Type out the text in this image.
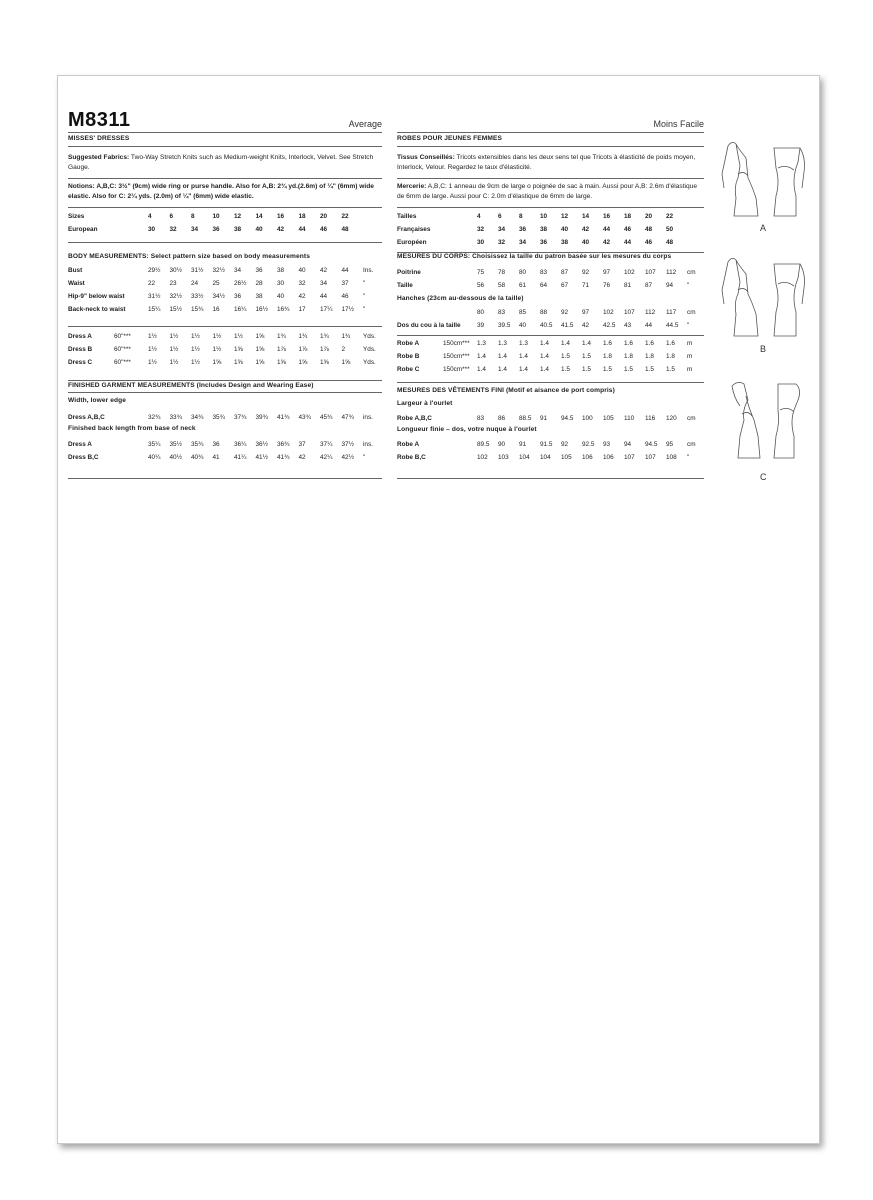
M8311	Average
MISSES' DRESSES
Suggested Fabrics: Two-Way Stretch Knits such as Medium-weight Knits, Interlock, Velvet. See Stretch Gauge.
Notions: A,B,C: 3½" (9cm) wide ring or purse handle. Also for A,B: 2¾ yd.(2.6m) of ¼" (6mm) wide elastic. Also for C: 2¼ yds. (2.0m) of ¼" (6mm) wide elastic.
Sizes	4	6	8	10	12	14	16	18	20	22
European	30	32	34	36	38	40	42	44	46	48
BODY MEASUREMENTS: Select pattern size based on body measurements
Bust	29½	30½	31½	32½	34	36	38	40	42	44	Ins.
Waist	22	23	24	25	26½	28	30	32	34	37	"
Hip-9" below waist	31½	32½	33½	34½	36	38	40	42	44	46	"
Back-neck to waist	15¼	15½	15¾	16	16¼	16½	16¾	17	17¼	17½	"
Dress A	60"***	1½	1½	1½	1½	1½	1⅝	1¾	1¾	1¾	1¾	Yds.
Dress B	60"***	1½	1½	1½	1½	1⅝	1⅝	1⅞	1⅞	1⅞	2	Yds.
Dress C	60"***	1½	1½	1½	1⅝	1⅝	1⅝	1⅝	1⅝	1⅝	1⅝	Yds.
FINISHED GARMENT MEASUREMENTS (Includes Design and Wearing Ease)
Width, lower edge
Dress A,B,C	32¾	33¾	34¾	35¾	37¾	39¾	41¾	43¾	45¾	47¾	ins.
Finished back length from base of neck
Dress A	35¼	35½	35¾	36	36¼	36½	36¾	37	37¼	37½	ins.
Dress B,C	40¼	40½	40¾	41	41¼	41½	41¾	42	42¼	42½	"
Moins Facile
ROBES POUR JEUNES FEMMES
Tissus Conseillés: Tricots extensibles dans les deux sens tel que Tricots à élasticité de poids moyen, Interlock, Velour. Regardez le taux d'élasticité.
Mercerie: A,B,C: 1 anneau de 9cm de large o poignée de sac à main. Aussi pour A,B: 2.6m d'élastique de 6mm de large. Aussi pour C: 2.0m d'élastique de 6mm de large.
Tailles	4	6	8	10	12	14	16	18	20	22
Françaises	32	34	36	38	40	42	44	46	48	50
Européen	30	32	34	36	38	40	42	44	46	48
MESURES DU CORPS: Choisissez la taille du patron basée sur les mesures du corps
Poitrine	75	78	80	83	87	92	97	102	107	112	cm
Taille	56	58	61	64	67	71	76	81	87	94	"
Hanches (23cm au-dessous de la taille)
	80	83	85	88	92	97	102	107	112	117	cm
Dos du cou à la taille	39	39.5	40	40.5	41.5	42	42.5	43	44	44.5	"
Robe A	150cm***	1.3	1.3	1.3	1.4	1.4	1.4	1.6	1.6	1.6	1.6	m
Robe B	150cm***	1.4	1.4	1.4	1.4	1.5	1.5	1.8	1.8	1.8	1.8	m
Robe C	150cm***	1.4	1.4	1.4	1.4	1.5	1.5	1.5	1.5	1.5	1.5	m
MESURES DES VÊTEMENTS FINI (Motif et aisance de port compris)
Largeur à l'ourlet
Robe A,B,C	83	86	88.5	91	94.5	100	105	110	116	120	cm
Longueur finie – dos, votre nuque à l'ourlet
Robe A	89.5	90	91	91.5	92	92.5	93	94	94.5	95	cm
Robe B,C	102	103	104	104	105	106	106	107	107	108	"
A
B
C
